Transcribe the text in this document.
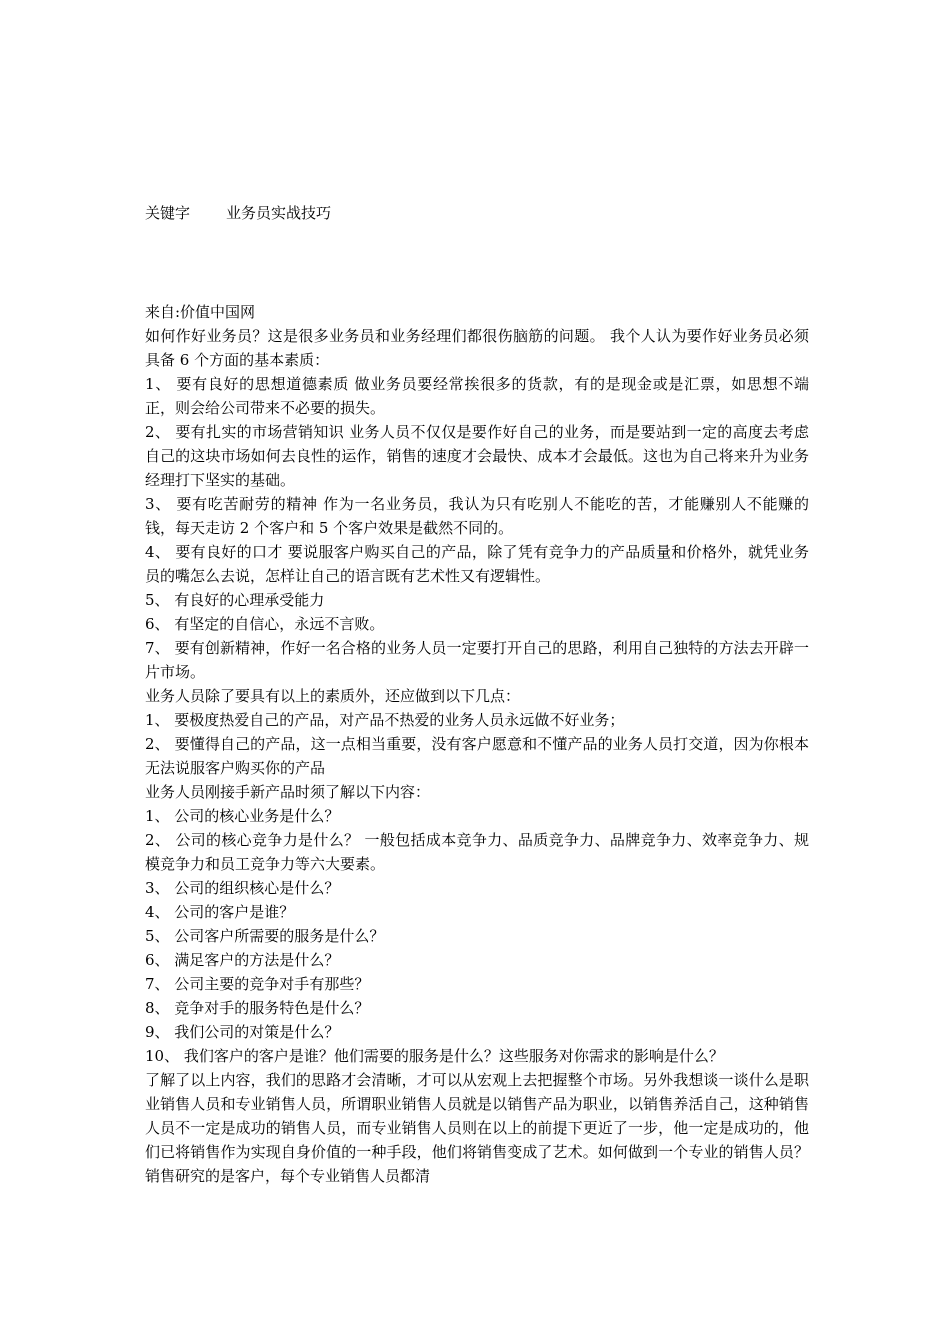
关键字 业务员实战技巧

来自:价值中国网

如何作好业务员？这是很多业务员和业务经理们都很伤脑筋的问题。 我个人认为要作好业务员必须具备 6 个方面的基本素质：

1、 要有良好的思想道德素质 做业务员要经常挨很多的货款，有的是现金或是汇票，如思想不端正，则会给公司带来不必要的损失。

2、 要有扎实的市场营销知识 业务人员不仅仅是要作好自己的业务，而是要站到一定的高度去考虑自己的这块市场如何去良性的运作，销售的速度才会最快、成本才会最低。这也为自己将来升为业务经理打下坚实的基础。

3、 要有吃苦耐劳的精神 作为一名业务员，我认为只有吃别人不能吃的苦，才能赚别人不能赚的钱，每天走访 2 个客户和 5 个客户效果是截然不同的。

4、 要有良好的口才 要说服客户购买自己的产品，除了凭有竞争力的产品质量和价格外，就凭业务员的嘴怎么去说，怎样让自己的语言既有艺术性又有逻辑性。

5、 有良好的心理承受能力

6、 有坚定的自信心，永远不言败。

7、 要有创新精神，作好一名合格的业务人员一定要打开自己的思路，利用自己独特的方法去开辟一片市场。

业务人员除了要具有以上的素质外，还应做到以下几点：

1、 要极度热爱自己的产品，对产品不热爱的业务人员永远做不好业务；

2、 要懂得自己的产品，这一点相当重要，没有客户愿意和不懂产品的业务人员打交道，因为你根本无法说服客户购买你的产品

业务人员刚接手新产品时须了解以下内容：

1、 公司的核心业务是什么？

2、 公司的核心竞争力是什么？ 一般包括成本竞争力、品质竞争力、品牌竞争力、效率竞争力、规模竞争力和员工竞争力等六大要素。

3、 公司的组织核心是什么？

4、 公司的客户是谁？

5、 公司客户所需要的服务是什么？

6、 满足客户的方法是什么？

7、 公司主要的竞争对手有那些？

8、 竞争对手的服务特色是什么？

9、 我们公司的对策是什么？

10、 我们客户的客户是谁？他们需要的服务是什么？这些服务对你需求的影响是什么？

了解了以上内容，我们的思路才会清晰，才可以从宏观上去把握整个市场。另外我想谈一谈什么是职业销售人员和专业销售人员，所谓职业销售人员就是以销售产品为职业，以销售养活自己，这种销售人员不一定是成功的销售人员，而专业销售人员则在以上的前提下更近了一步，他一定是成功的，他们已将销售作为实现自身价值的一种手段，他们将销售变成了艺术。如何做到一个专业的销售人员？销售研究的是客户，每个专业销售人员都清
